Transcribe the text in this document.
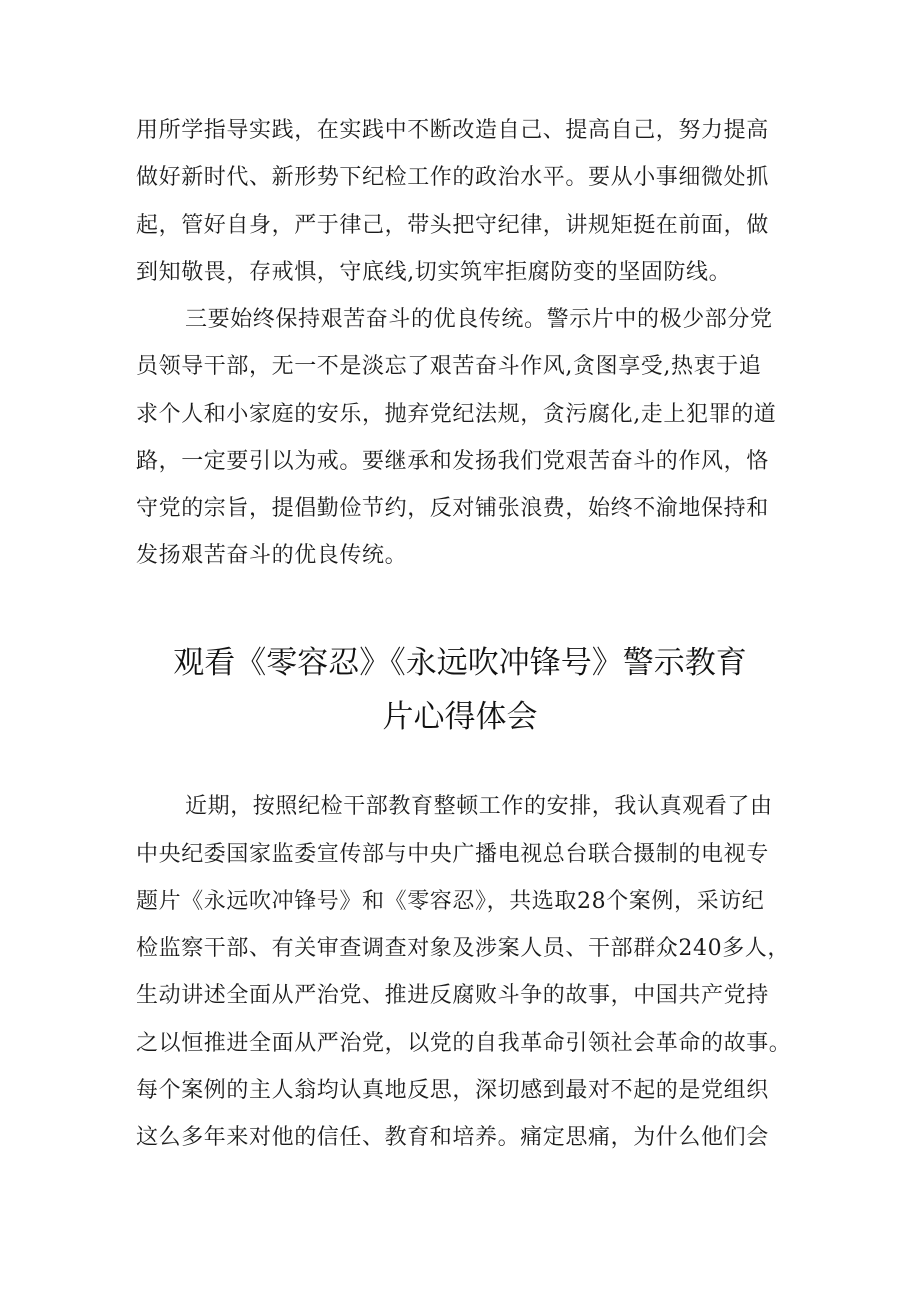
用所学指导实践，在实践中不断改造自己、提高自己，努力提高
做好新时代、新形势下纪检工作的政治水平。要从小事细微处抓
起，管好自身，严于律己，带头把守纪律，讲规矩挺在前面，做
到知敬畏，存戒惧，守底线,切实筑牢拒腐防变的坚固防线。
三要始终保持艰苦奋斗的优良传统。警示片中的极少部分党
员领导干部，无一不是淡忘了艰苦奋斗作风,贪图享受,热衷于追
求个人和小家庭的安乐，抛弃党纪法规，贪污腐化,走上犯罪的道
路，一定要引以为戒。要继承和发扬我们党艰苦奋斗的作风，恪
守党的宗旨，提倡勤俭节约，反对铺张浪费，始终不渝地保持和
发扬艰苦奋斗的优良传统。
观看《零容忍》《永远吹冲锋号》警示教育
片心得体会
近期，按照纪检干部教育整顿工作的安排，我认真观看了由
中央纪委国家监委宣传部与中央广播电视总台联合摄制的电视专
题片《永远吹冲锋号》和《零容忍》，共选取28个案例，采访纪
检监察干部、有关审查调查对象及涉案人员、干部群众240多人，
生动讲述全面从严治党、推进反腐败斗争的故事，中国共产党持
之以恒推进全面从严治党，以党的自我革命引领社会革命的故事。
每个案例的主人翁均认真地反思，深切感到最对不起的是党组织
这么多年来对他的信任、教育和培养。痛定思痛，为什么他们会
